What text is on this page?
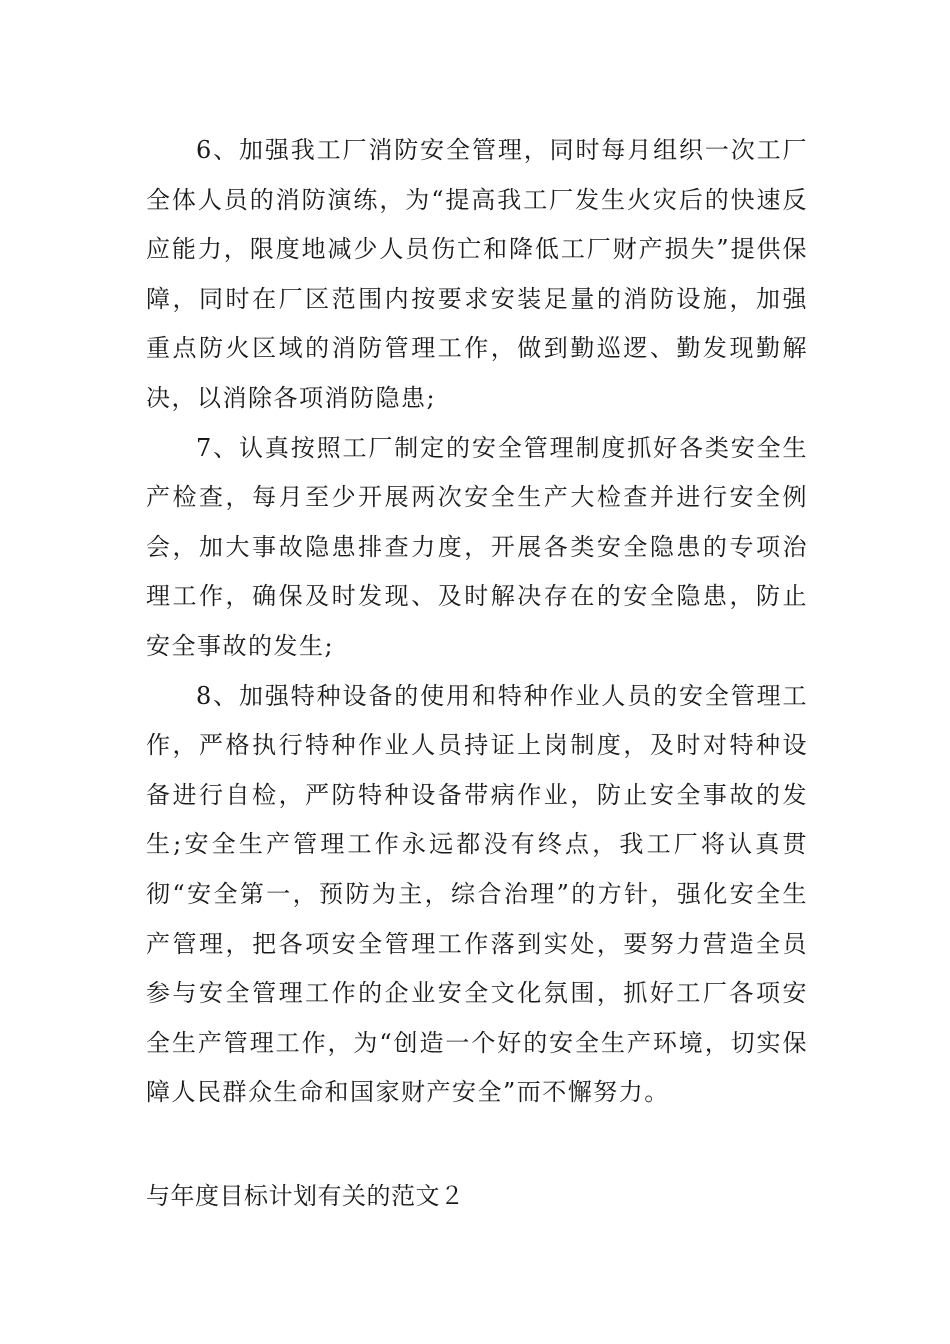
6、加强我工厂消防安全管理，同时每月组织一次工厂全体人员的消防演练，为“提高我工厂发生火灾后的快速反应能力，限度地减少人员伤亡和降低工厂财产损失”提供保障，同时在厂区范围内按要求安装足量的消防设施，加强重点防火区域的消防管理工作，做到勤巡逻、勤发现勤解决，以消除各项消防隐患;

7、认真按照工厂制定的安全管理制度抓好各类安全生产检查，每月至少开展两次安全生产大检查并进行安全例会，加大事故隐患排查力度，开展各类安全隐患的专项治理工作，确保及时发现、及时解决存在的安全隐患，防止安全事故的发生;

8、加强特种设备的使用和特种作业人员的安全管理工作，严格执行特种作业人员持证上岗制度，及时对特种设备进行自检，严防特种设备带病作业，防止安全事故的发生;安全生产管理工作永远都没有终点，我工厂将认真贯彻“安全第一，预防为主，综合治理”的方针，强化安全生产管理，把各项安全管理工作落到实处，要努力营造全员参与安全管理工作的企业安全文化氛围，抓好工厂各项安全生产管理工作，为“创造一个好的安全生产环境，切实保障人民群众生命和国家财产安全”而不懈努力。

与年度目标计划有关的范文２
